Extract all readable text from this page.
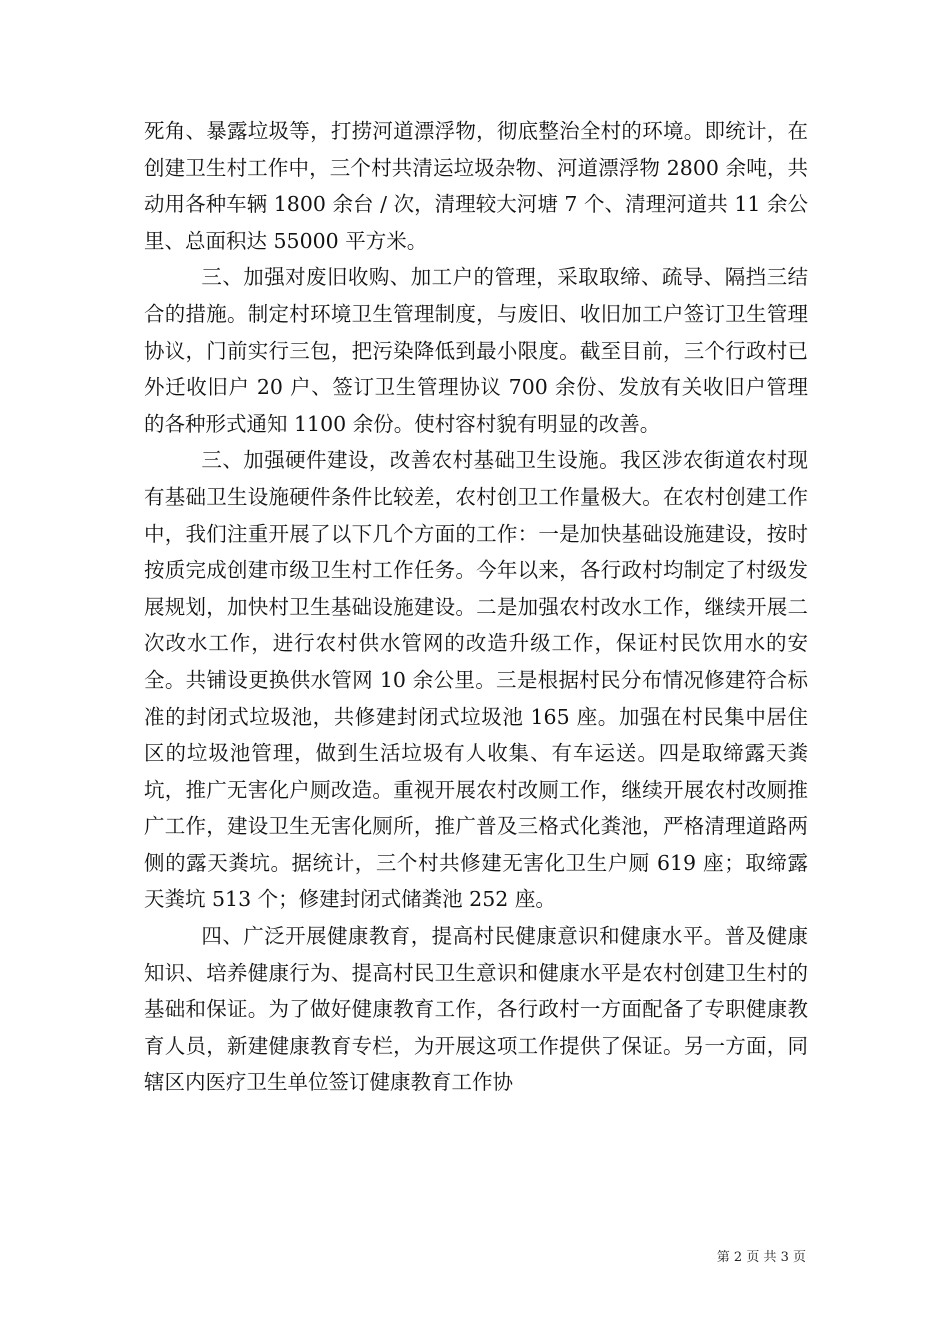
死角、暴露垃圾等，打捞河道漂浮物，彻底整治全村的环境。即统计，在创建卫生村工作中，三个村共清运垃圾杂物、河道漂浮物 2800 余吨，共动用各种车辆 1800 余台 / 次，清理较大河塘 7 个、清理河道共 11 余公里、总面积达 55000 平方米。

三、加强对废旧收购、加工户的管理，采取取缔、疏导、隔挡三结合的措施。制定村环境卫生管理制度，与废旧、收旧加工户签订卫生管理协议，门前实行三包，把污染降低到最小限度。截至目前，三个行政村已外迁收旧户 20 户、签订卫生管理协议 700 余份、发放有关收旧户管理的各种形式通知 1100 余份。使村容村貌有明显的改善。

三、加强硬件建设，改善农村基础卫生设施。我区涉农街道农村现有基础卫生设施硬件条件比较差，农村创卫工作量极大。在农村创建工作中，我们注重开展了以下几个方面的工作：一是加快基础设施建设，按时按质完成创建市级卫生村工作任务。今年以来，各行政村均制定了村级发展规划，加快村卫生基础设施建设。二是加强农村改水工作，继续开展二次改水工作，进行农村供水管网的改造升级工作，保证村民饮用水的安全。共铺设更换供水管网 10 余公里。三是根据村民分布情况修建符合标准的封闭式垃圾池，共修建封闭式垃圾池 165 座。加强在村民集中居住区的垃圾池管理，做到生活垃圾有人收集、有车运送。四是取缔露天粪坑，推广无害化户厕改造。重视开展农村改厕工作，继续开展农村改厕推广工作，建设卫生无害化厕所，推广普及三格式化粪池，严格清理道路两侧的露天粪坑。据统计，三个村共修建无害化卫生户厕 619 座；取缔露天粪坑 513 个；修建封闭式储粪池 252 座。

四、广泛开展健康教育，提高村民健康意识和健康水平。普及健康知识、培养健康行为、提高村民卫生意识和健康水平是农村创建卫生村的基础和保证。为了做好健康教育工作，各行政村一方面配备了专职健康教育人员，新建健康教育专栏，为开展这项工作提供了保证。另一方面，同辖区内医疗卫生单位签订健康教育工作协

第 2 页 共 3 页
